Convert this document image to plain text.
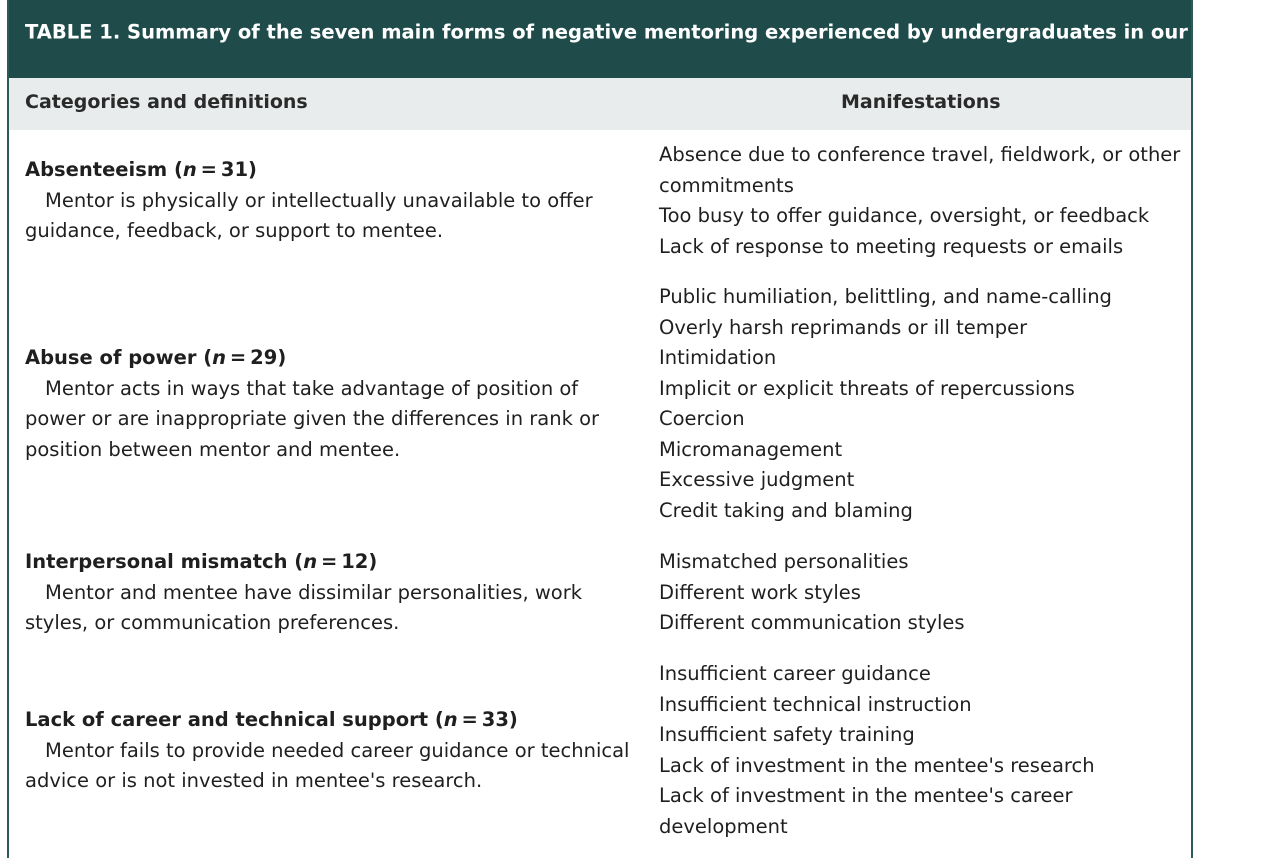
TABLE 1. Summary of the seven main forms of negative mentoring experienced by undergraduates in our study$^a$
Categories and definitions	Manifestations
Absenteeism (n = 31)
Mentor is physically or intellectually unavailable to offer guidance, feedback, or support to mentee.
Absence due to conference travel, fieldwork, or other commitments
Too busy to offer guidance, oversight, or feedback
Lack of response to meeting requests or emails
Abuse of power (n = 29)
Mentor acts in ways that take advantage of position of power or are inappropriate given the differences in rank or position between mentor and mentee.
Public humiliation, belittling, and name-calling
Overly harsh reprimands or ill temper
Intimidation
Implicit or explicit threats of repercussions
Coercion
Micromanagement
Excessive judgment
Credit taking and blaming
Interpersonal mismatch (n = 12)
Mentor and mentee have dissimilar personalities, work styles, or communication preferences.
Mismatched personalities
Different work styles
Different communication styles
Lack of career and technical support (n = 33)
Mentor fails to provide needed career guidance or technical advice or is not invested in mentee's research.
Insufficient career guidance
Insufficient technical instruction
Insufficient safety training
Lack of investment in the mentee's research
Lack of investment in the mentee's career development
